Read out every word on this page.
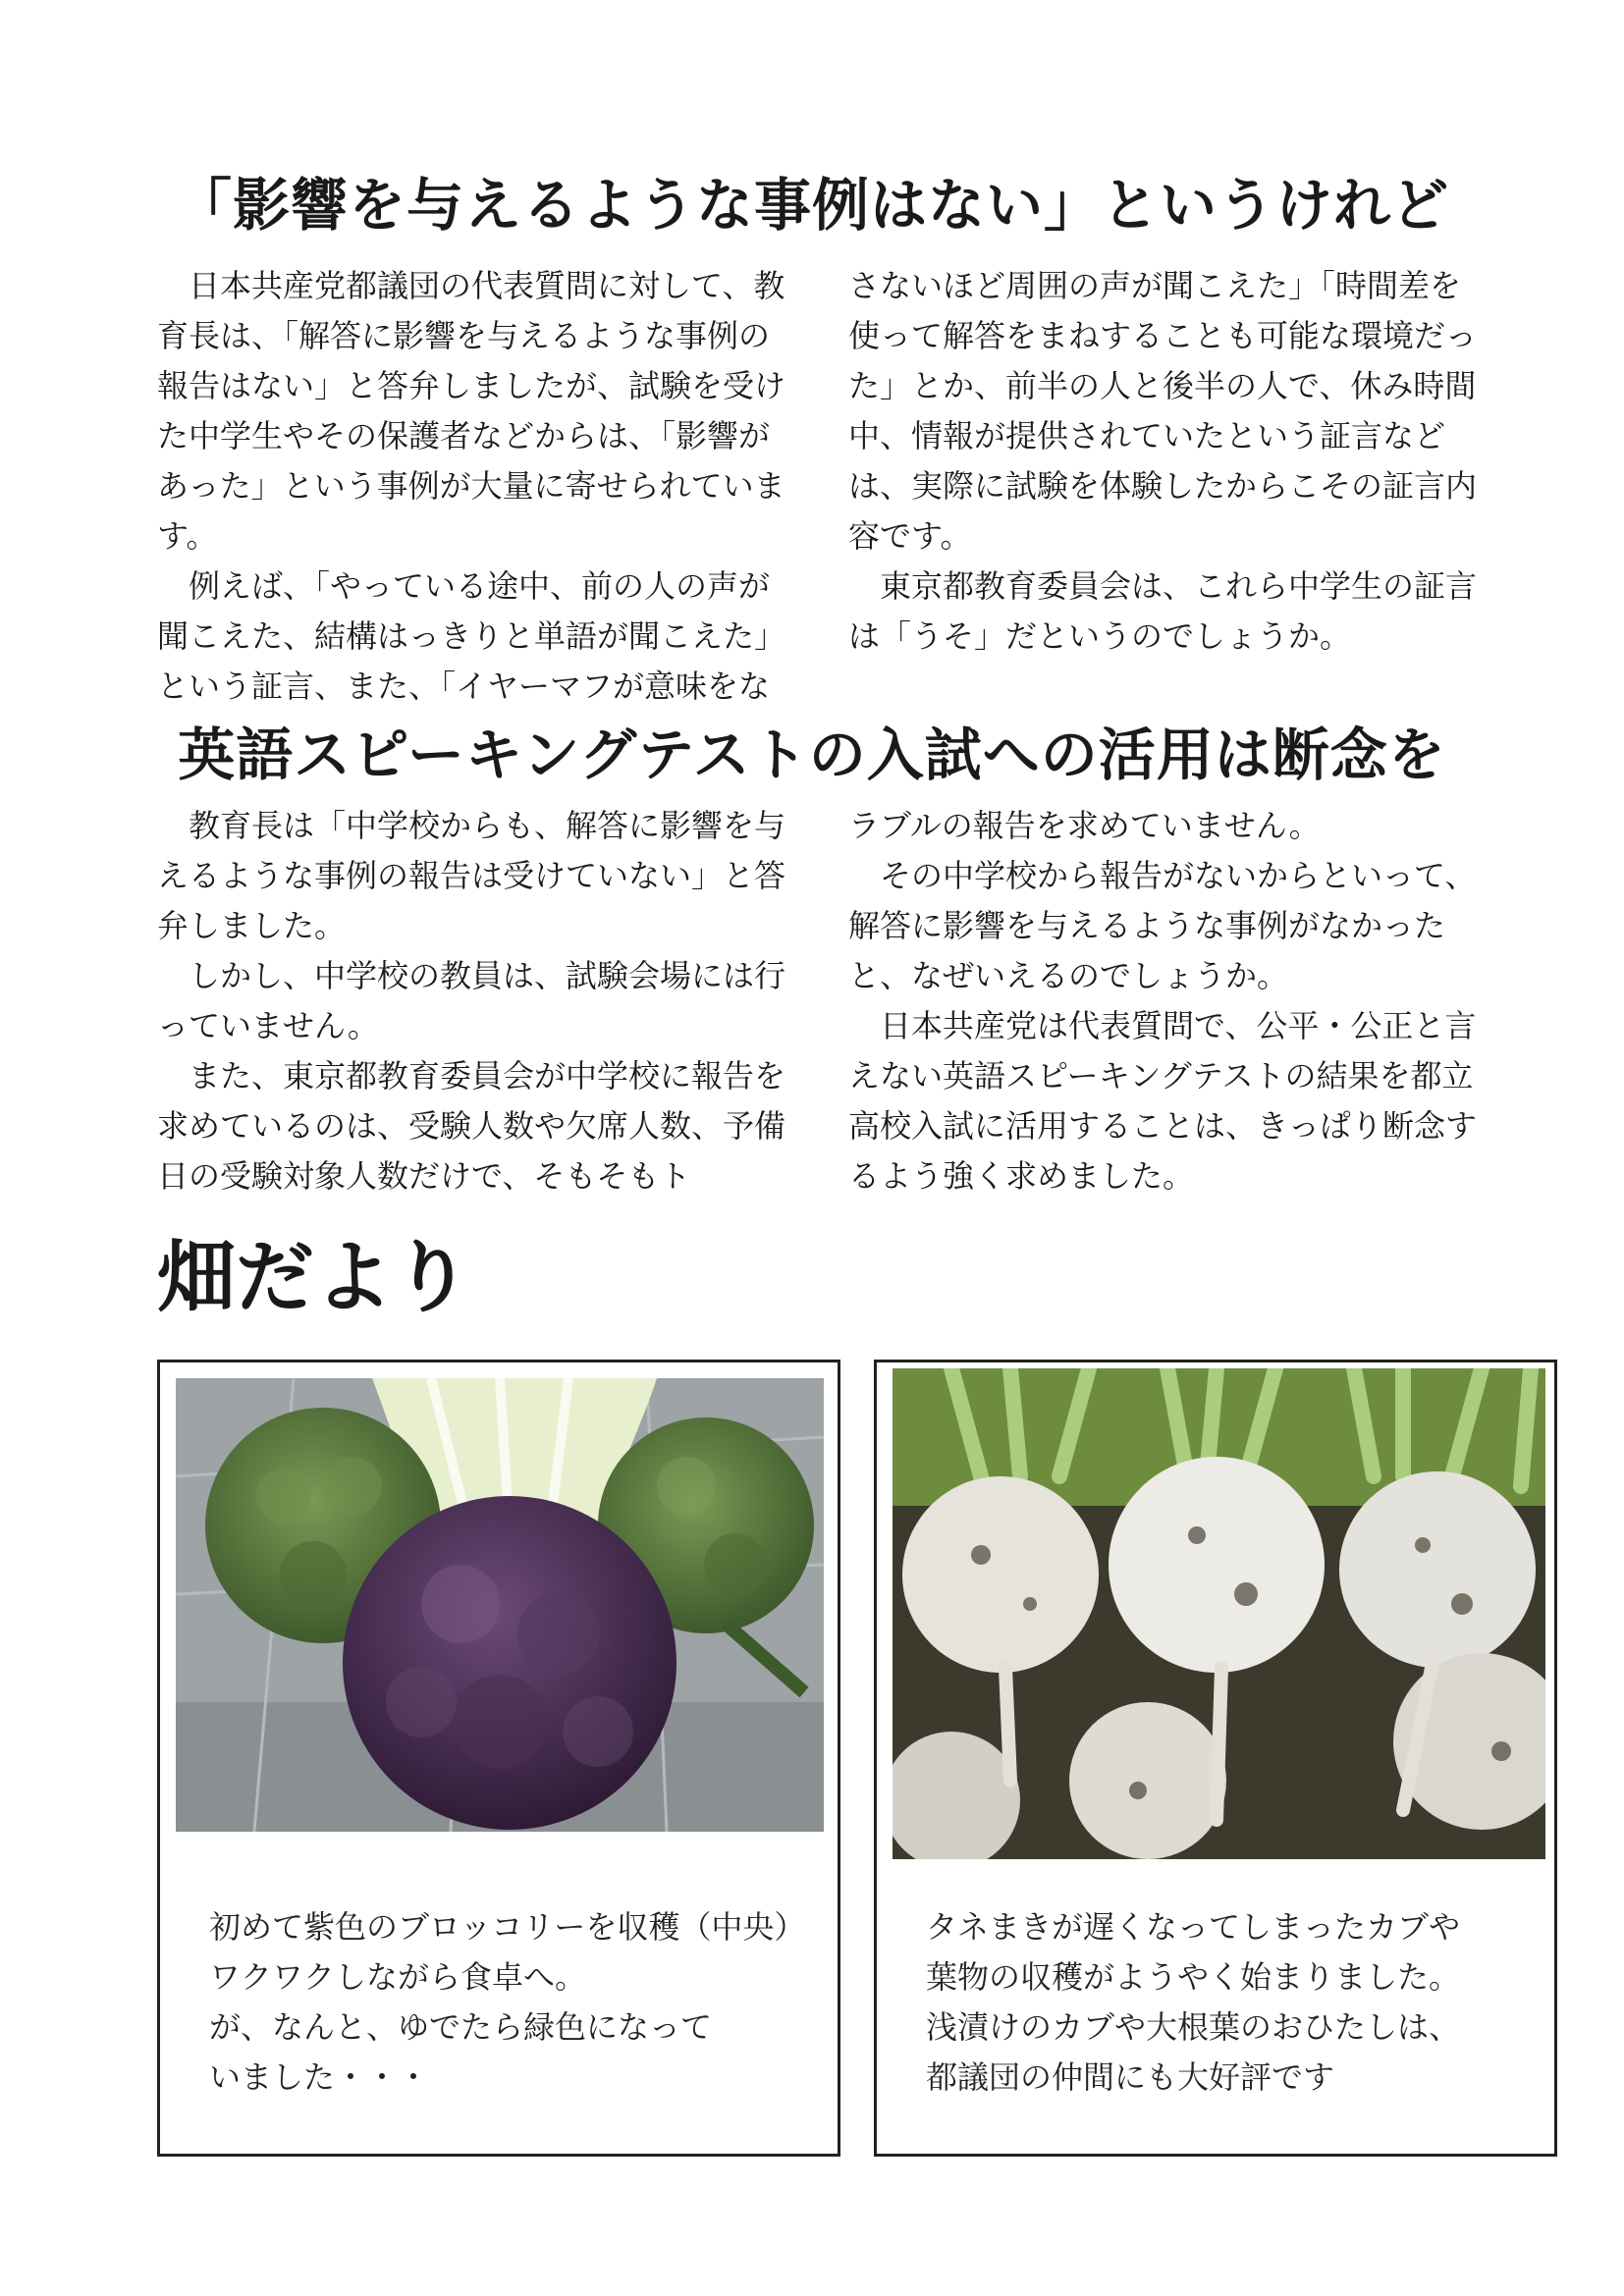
「影響を与えるような事例はない」というけれど

日本共産党都議団の代表質問に対して、教育長は、「解答に影響を与えるような事例の報告はない」と答弁しましたが、試験を受けた中学生やその保護者などからは、「影響があった」という事例が大量に寄せられています。

例えば、「やっている途中、前の人の声が聞こえた、結構はっきりと単語が聞こえた」という証言、また、「イヤーマフが意味をな

さないほど周囲の声が聞こえた」「時間差を使って解答をまねすることも可能な環境だった」とか、前半の人と後半の人で、休み時間中、情報が提供されていたという証言などは、実際に試験を体験したからこその証言内容です。

東京都教育委員会は、これら中学生の証言は「うそ」だというのでしょうか。

英語スピーキングテストの入試への活用は断念を

教育長は「中学校からも、解答に影響を与えるような事例の報告は受けていない」と答弁しました。

しかし、中学校の教員は、試験会場には行っていません。

また、東京都教育委員会が中学校に報告を求めているのは、受験人数や欠席人数、予備日の受験対象人数だけで、そもそもト

ラブルの報告を求めていません。

その中学校から報告がないからといって、解答に影響を与えるような事例がなかったと、なぜいえるのでしょうか。

日本共産党は代表質問で、公平・公正と言えない英語スピーキングテストの結果を都立高校入試に活用することは、きっぱり断念するよう強く求めました。

畑だより
初めて紫色のブロッコリーを収穫（中央）
ワクワクしながら食卓へ。
が、なんと、ゆでたら緑色になって
いました・・・
タネまきが遅くなってしまったカブや
葉物の収穫がようやく始まりました。
浅漬けのカブや大根葉のおひたしは、
都議団の仲間にも大好評です
